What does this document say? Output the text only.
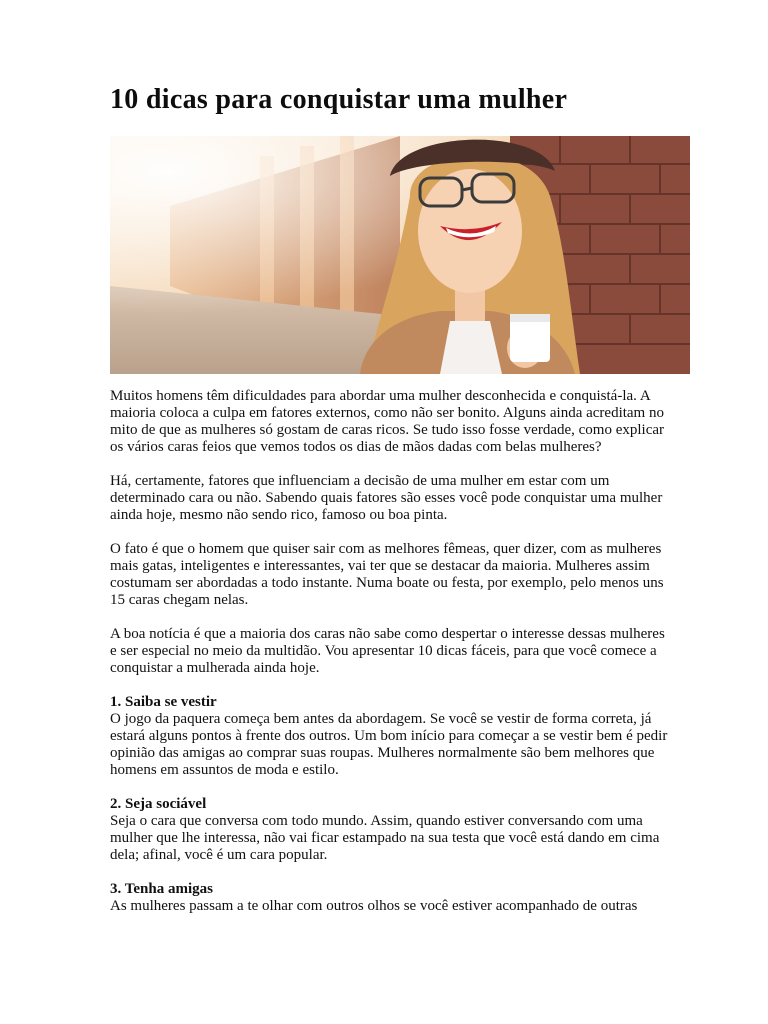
10 dicas para conquistar uma mulher

Muitos homens têm dificuldades para abordar uma mulher desconhecida e conquistá-la. A maioria coloca a culpa em fatores externos, como não ser bonito. Alguns ainda acreditam no mito de que as mulheres só gostam de caras ricos. Se tudo isso fosse verdade, como explicar os vários caras feios que vemos todos os dias de mãos dadas com belas mulheres?

Há, certamente, fatores que influenciam a decisão de uma mulher em estar com um determinado cara ou não. Sabendo quais fatores são esses você pode conquistar uma mulher ainda hoje, mesmo não sendo rico, famoso ou boa pinta.

O fato é que o homem que quiser sair com as melhores fêmeas, quer dizer, com as mulheres mais gatas, inteligentes e interessantes, vai ter que se destacar da maioria. Mulheres assim costumam ser abordadas a todo instante. Numa boate ou festa, por exemplo, pelo menos uns 15 caras chegam nelas.

A boa notícia é que a maioria dos caras não sabe como despertar o interesse dessas mulheres e ser especial no meio da multidão. Vou apresentar 10 dicas fáceis, para que você comece a conquistar a mulherada ainda hoje.

1. Saiba se vestir

O jogo da paquera começa bem antes da abordagem. Se você se vestir de forma correta, já estará alguns pontos à frente dos outros. Um bom início para começar a se vestir bem é pedir opinião das amigas ao comprar suas roupas. Mulheres normalmente são bem melhores que homens em assuntos de moda e estilo.

2. Seja sociável

Seja o cara que conversa com todo mundo. Assim, quando estiver conversando com uma mulher que lhe interessa, não vai ficar estampado na sua testa que você está dando em cima dela; afinal, você é um cara popular.

3. Tenha amigas

As mulheres passam a te olhar com outros olhos se você estiver acompanhado de outras
